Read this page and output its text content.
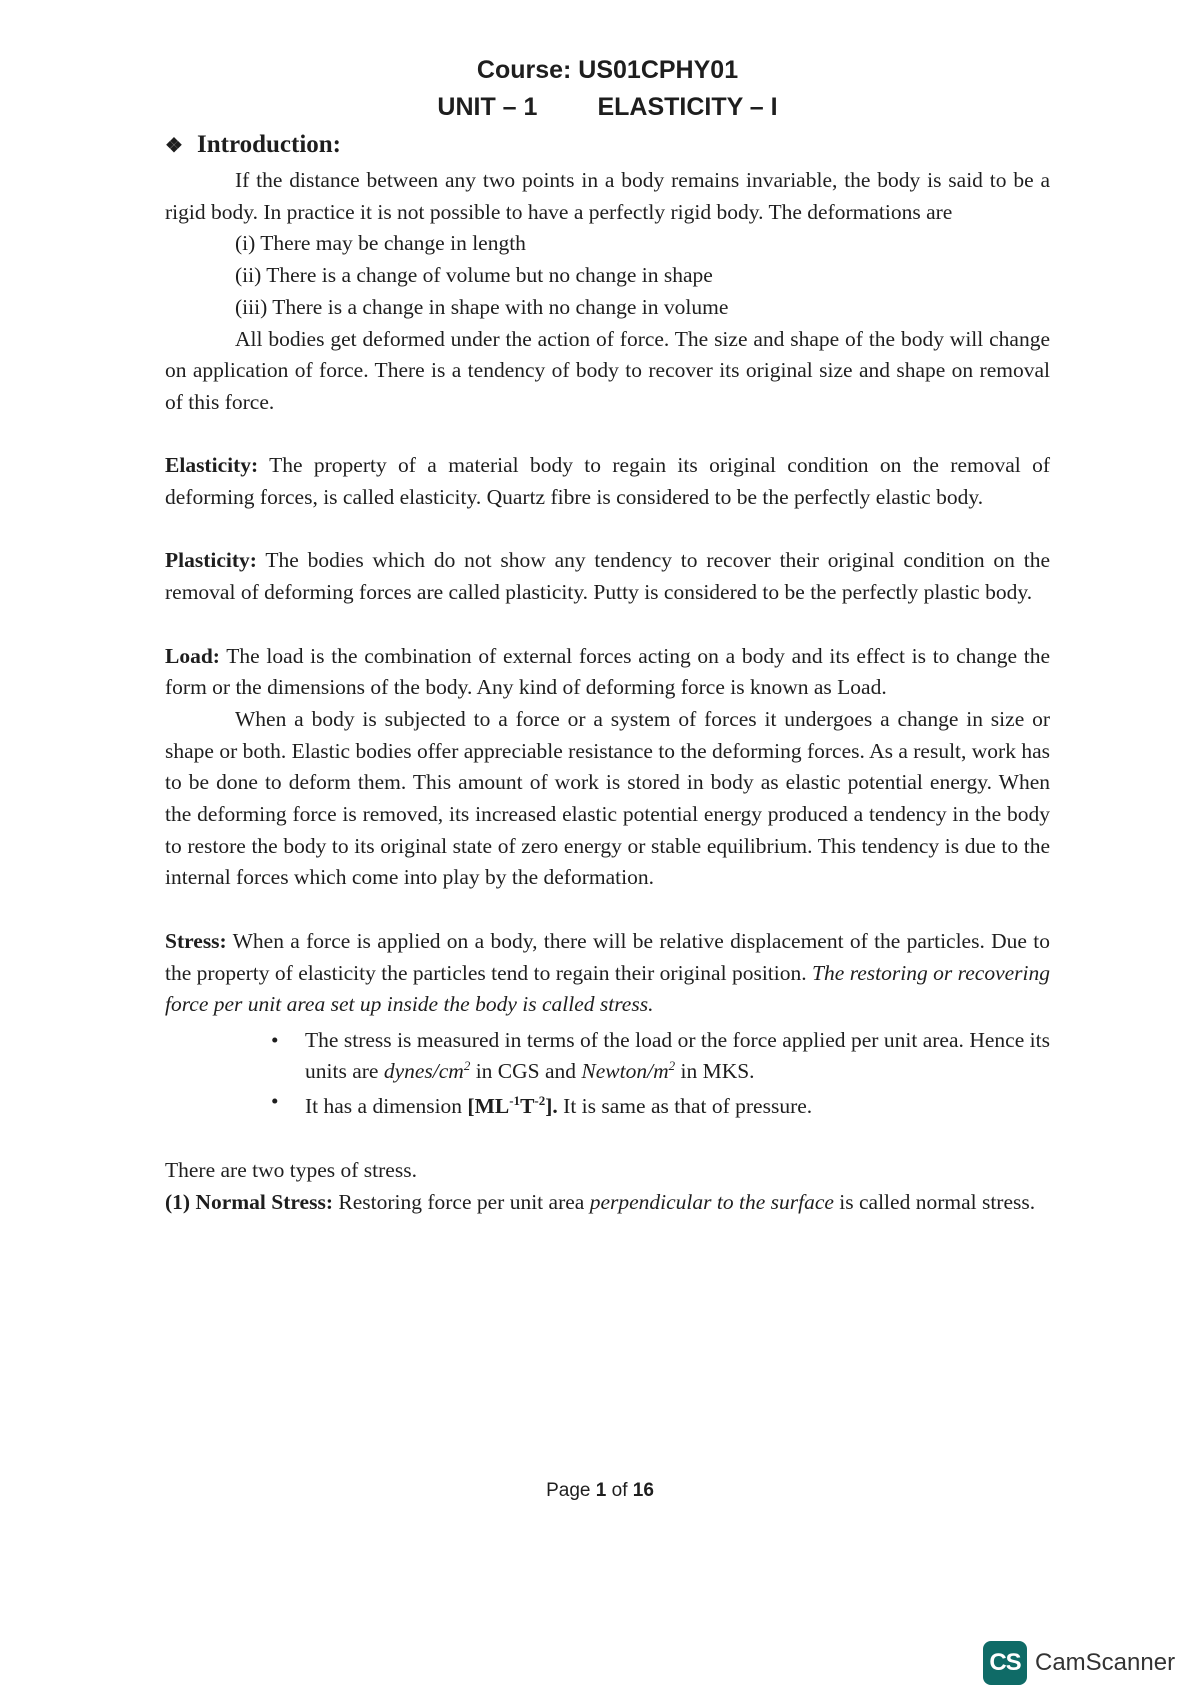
Course: US01CPHY01
UNIT – 1 ELASTICITY – I
❖ Introduction:

If the distance between any two points in a body remains invariable, the body is said to be a rigid body. In practice it is not possible to have a perfectly rigid body. The deformations are

(i) There may be change in length
(ii) There is a change of volume but no change in shape
(iii) There is a change in shape with no change in volume

All bodies get deformed under the action of force. The size and shape of the body will change on application of force. There is a tendency of body to recover its original size and shape on removal of this force.

Elasticity: The property of a material body to regain its original condition on the removal of deforming forces, is called elasticity. Quartz fibre is considered to be the perfectly elastic body.

Plasticity: The bodies which do not show any tendency to recover their original condition on the removal of deforming forces are called plasticity. Putty is considered to be the perfectly plastic body.

Load: The load is the combination of external forces acting on a body and its effect is to change the form or the dimensions of the body. Any kind of deforming force is known as Load.

When a body is subjected to a force or a system of forces it undergoes a change in size or shape or both. Elastic bodies offer appreciable resistance to the deforming forces. As a result, work has to be done to deform them. This amount of work is stored in body as elastic potential energy. When the deforming force is removed, its increased elastic potential energy produced a tendency in the body to restore the body to its original state of zero energy or stable equilibrium. This tendency is due to the internal forces which come into play by the deformation.

Stress: When a force is applied on a body, there will be relative displacement of the particles. Due to the property of elasticity the particles tend to regain their original position. The restoring or recovering force per unit area set up inside the body is called stress.

• The stress is measured in terms of the load or the force applied per unit area. Hence its units are dynes/$cm^2$ in CGS and Newton/$m^2$ in MKS.
• It has a dimension $[ML^{-1}T^{-2}]$. It is same as that of pressure.

There are two types of stress.

(1) Normal Stress: Restoring force per unit area perpendicular to the surface is called normal stress.

Page 1 of 16
CS CamScanner
